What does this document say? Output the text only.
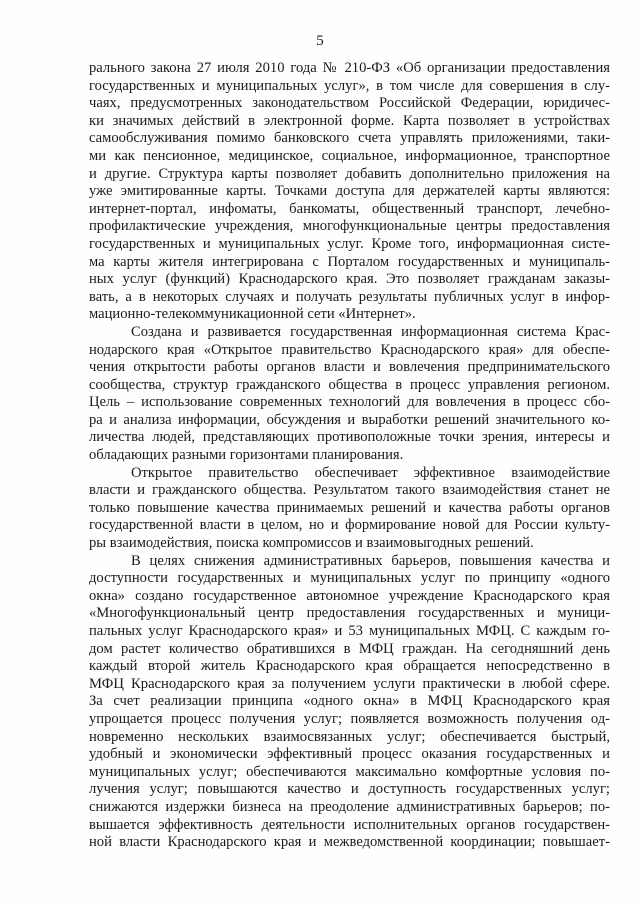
5
рального закона 27 июля 2010 года № 210-ФЗ «Об организации предоставления
государственных и муниципальных услуг», в том числе для совершения в слу-
чаях, предусмотренных законодательством Российской Федерации, юридичес-
ки значимых действий в электронной форме. Карта позволяет в устройствах
самообслуживания помимо банковского счета управлять приложениями, таки-
ми как пенсионное, медицинское, социальное, информационное, транспортное
и другие. Структура карты позволяет добавить дополнительно приложения на
уже эмитированные карты. Точками доступа для держателей карты являются:
интернет-портал, инфоматы, банкоматы, общественный транспорт, лечебно-
профилактические учреждения, многофункциональные центры предоставления
государственных и муниципальных услуг. Кроме того, информационная систе-
ма карты жителя интегрирована с Порталом государственных и муниципаль-
ных услуг (функций) Краснодарского края. Это позволяет гражданам заказы-
вать, а в некоторых случаях и получать результаты публичных услуг в инфор-
мационно-телекоммуникационной сети «Интернет».
Создана и развивается государственная информационная система Крас-
нодарского края «Открытое правительство Краснодарского края» для обеспе-
чения открытости работы органов власти и вовлечения предпринимательского
сообщества, структур гражданского общества в процесс управления регионом.
Цель – использование современных технологий для вовлечения в процесс сбо-
ра и анализа информации, обсуждения и выработки решений значительного ко-
личества людей, представляющих противоположные точки зрения, интересы и
обладающих разными горизонтами планирования.
Открытое правительство обеспечивает эффективное взаимодействие
власти и гражданского общества. Результатом такого взаимодействия станет не
только повышение качества принимаемых решений и качества работы органов
государственной власти в целом, но и формирование новой для России культу-
ры взаимодействия, поиска компромиссов и взаимовыгодных решений.
В целях снижения административных барьеров, повышения качества и
доступности государственных и муниципальных услуг по принципу «одного
окна» создано государственное автономное учреждение Краснодарского края
«Многофункциональный центр предоставления государственных и муници-
пальных услуг Краснодарского края» и 53 муниципальных МФЦ. С каждым го-
дом растет количество обратившихся в МФЦ граждан. На сегодняшний день
каждый второй житель Краснодарского края обращается непосредственно в
МФЦ Краснодарского края за получением услуги практически в любой сфере.
За счет реализации принципа «одного окна» в МФЦ Краснодарского края
упрощается процесс получения услуг; появляется возможность получения од-
новременно нескольких взаимосвязанных услуг; обеспечивается быстрый,
удобный и экономически эффективный процесс оказания государственных и
муниципальных услуг; обеспечиваются максимально комфортные условия по-
лучения услуг; повышаются качество и доступность государственных услуг;
снижаются издержки бизнеса на преодоление административных барьеров; по-
вышается эффективность деятельности исполнительных органов государствен-
ной власти Краснодарского края и межведомственной координации; повышает-
